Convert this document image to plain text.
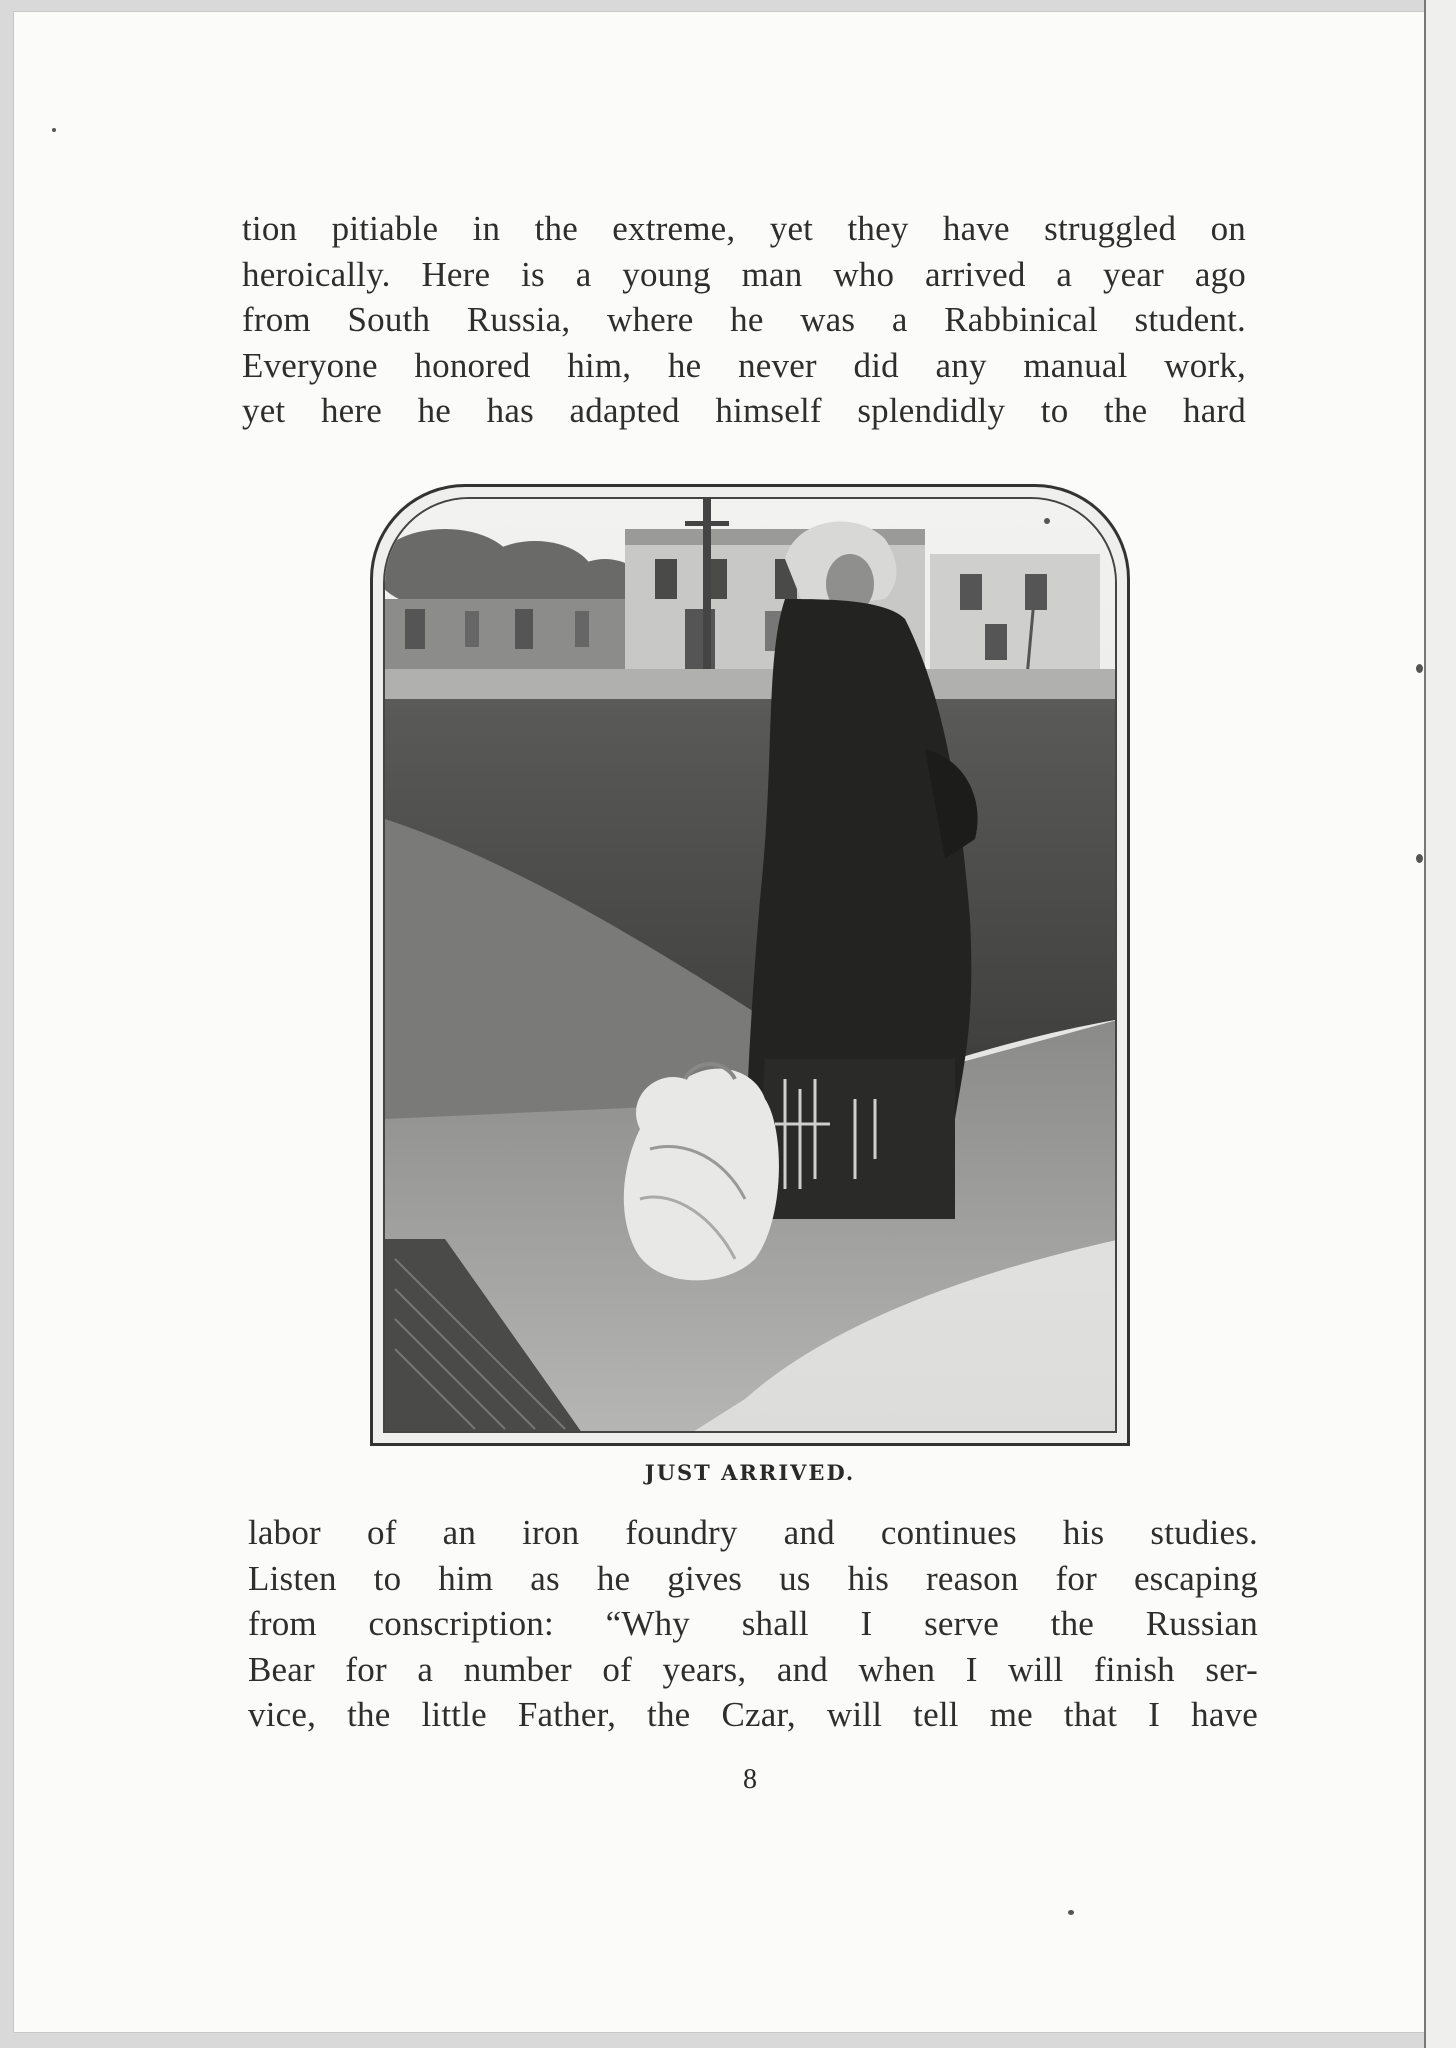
tion pitiable in the extreme, yet they have struggled on
heroically. Here is a young man who arrived a year ago
from South Russia, where he was a Rabbinical student.
Everyone honored him, he never did any manual work,
yet here he has adapted himself splendidly to the hard
JUST ARRIVED.
labor of an iron foundry and continues his studies.
Listen to him as he gives us his reason for escaping
from conscription: “Why shall I serve the Russian
Bear for a number of years, and when I will finish ser-
vice, the little Father, the Czar, will tell me that I have
8
